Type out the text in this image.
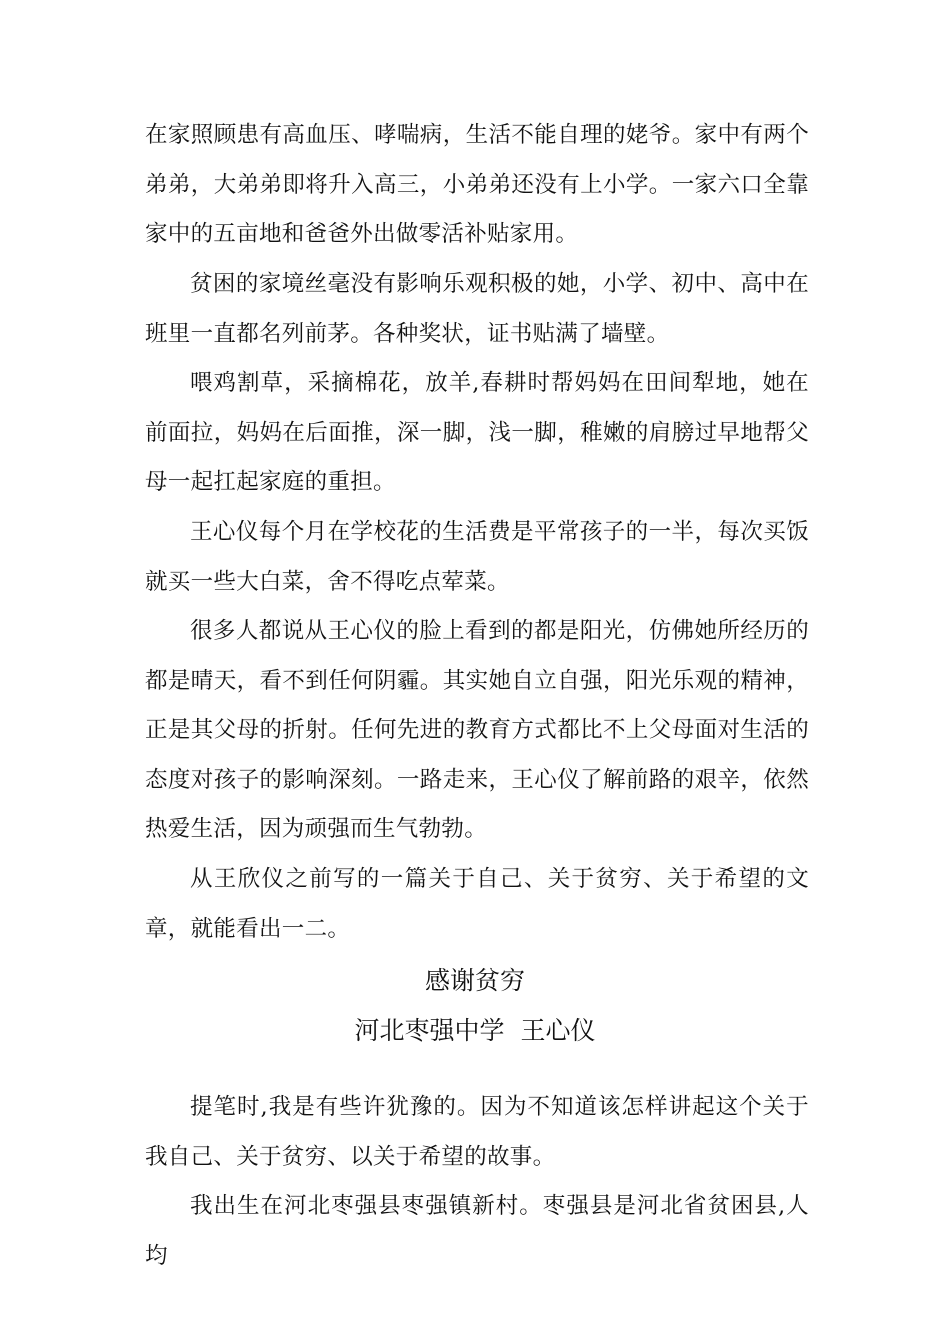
在家照顾患有高血压、哮喘病，生活不能自理的姥爷。家中有两个弟弟，大弟弟即将升入高三，小弟弟还没有上小学。一家六口全靠家中的五亩地和爸爸外出做零活补贴家用。

贫困的家境丝毫没有影响乐观积极的她，小学、初中、高中在班里一直都名列前茅。各种奖状，证书贴满了墙壁。

喂鸡割草，采摘棉花，放羊,春耕时帮妈妈在田间犁地，她在前面拉，妈妈在后面推，深一脚，浅一脚，稚嫩的肩膀过早地帮父母一起扛起家庭的重担。

王心仪每个月在学校花的生活费是平常孩子的一半，每次买饭就买一些大白菜，舍不得吃点荤菜。

很多人都说从王心仪的脸上看到的都是阳光，仿佛她所经历的都是晴天，看不到任何阴霾。其实她自立自强，阳光乐观的精神，正是其父母的折射。任何先进的教育方式都比不上父母面对生活的态度对孩子的影响深刻。一路走来，王心仪了解前路的艰辛，依然热爱生活，因为顽强而生气勃勃。

从王欣仪之前写的一篇关于自己、关于贫穷、关于希望的文章，就能看出一二。

感谢贫穷
河北枣强中学  王心仪

提笔时,我是有些许犹豫的。因为不知道该怎样讲起这个关于我自己、关于贫穷、以关于希望的故事。

我出生在河北枣强县枣强镇新村。枣强县是河北省贫困县,人均
